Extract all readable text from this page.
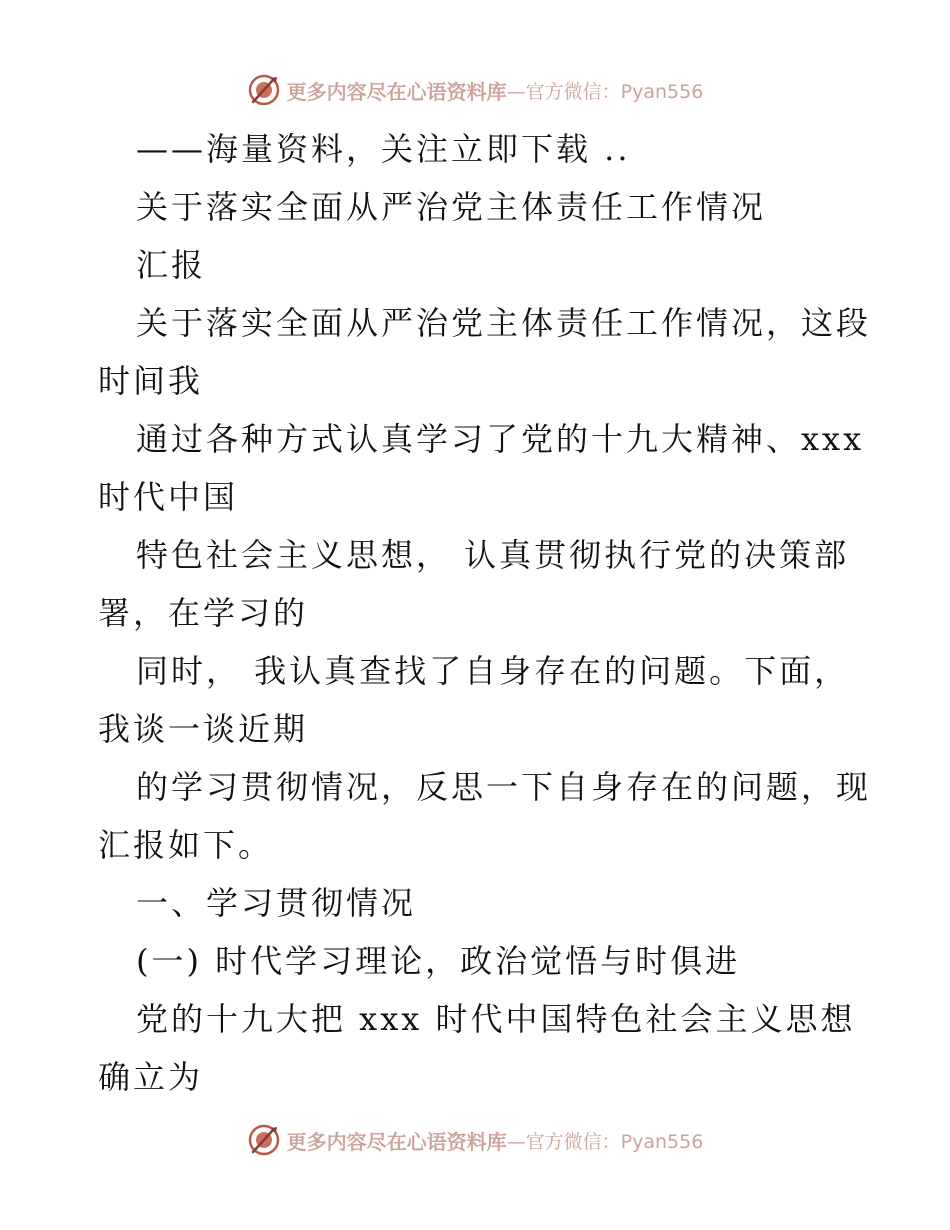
更多内容尽在心语资料库 —官方微信：Pyan556
——海量资料，关注立即下载 ..
关于落实全面从严治党主体责任工作情况
汇报
关于落实全面从严治党主体责任工作情况，这段
时间我
通过各种方式认真学习了党的十九大精神、xxx
时代中国
特色社会主义思想， 认真贯彻执行党的决策部
署，在学习的
同时， 我认真查找了自身存在的问题。下面，
我谈一谈近期
的学习贯彻情况，反思一下自身存在的问题，现
汇报如下。
一、学习贯彻情况
(一) 时代学习理论，政治觉悟与时俱进
党的十九大把 xxx 时代中国特色社会主义思想
确立为
更多内容尽在心语资料库 —官方微信：Pyan556
